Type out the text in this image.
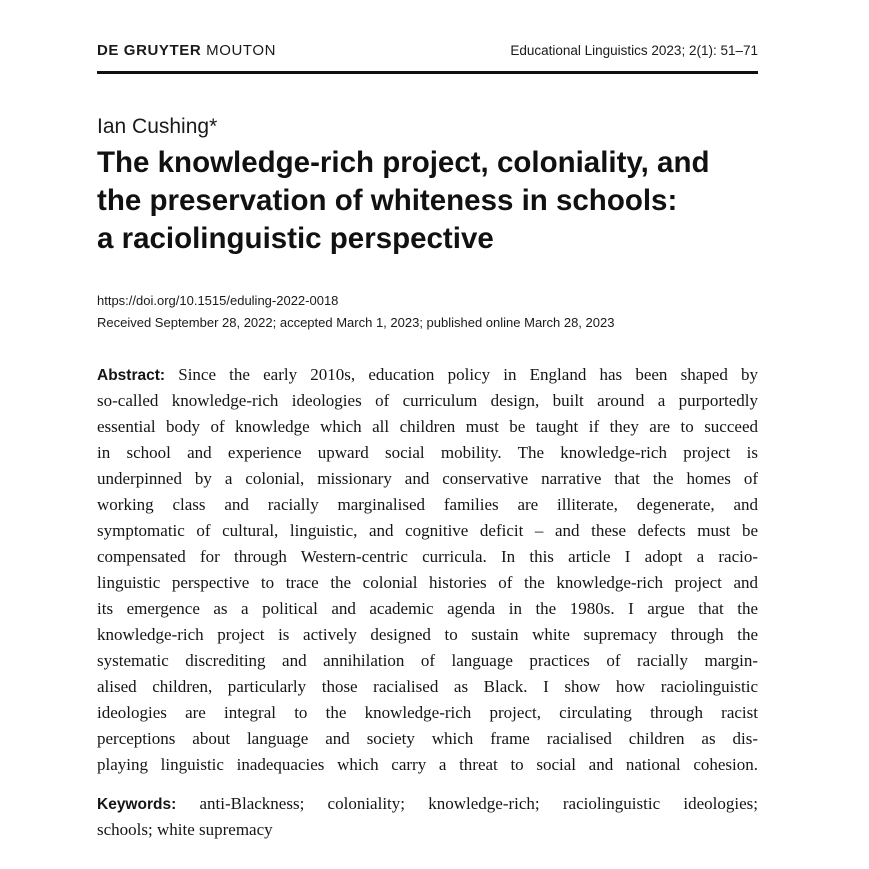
DE GRUYTER MOUTON	Educational Linguistics 2023; 2(1): 51–71
Ian Cushing*
The knowledge-rich project, coloniality, and
the preservation of whiteness in schools:
a raciolinguistic perspective
https://doi.org/10.1515/eduling-2022-0018
Received September 28, 2022; accepted March 1, 2023; published online March 28, 2023
Abstract: Since the early 2010s, education policy in England has been shaped by
so-called knowledge-rich ideologies of curriculum design, built around a purportedly
essential body of knowledge which all children must be taught if they are to succeed
in school and experience upward social mobility. The knowledge-rich project is
underpinned by a colonial, missionary and conservative narrative that the homes of
working class and racially marginalised families are illiterate, degenerate, and
symptomatic of cultural, linguistic, and cognitive deficit – and these defects must be
compensated for through Western-centric curricula. In this article I adopt a racio-
linguistic perspective to trace the colonial histories of the knowledge-rich project and
its emergence as a political and academic agenda in the 1980s. I argue that the
knowledge-rich project is actively designed to sustain white supremacy through the
systematic discrediting and annihilation of language practices of racially margin-
alised children, particularly those racialised as Black. I show how raciolinguistic
ideologies are integral to the knowledge-rich project, circulating through racist
perceptions about language and society which frame racialised children as dis-
playing linguistic inadequacies which carry a threat to social and national cohesion.
Keywords: anti-Blackness; coloniality; knowledge-rich; raciolinguistic ideologies;
schools; white supremacy
